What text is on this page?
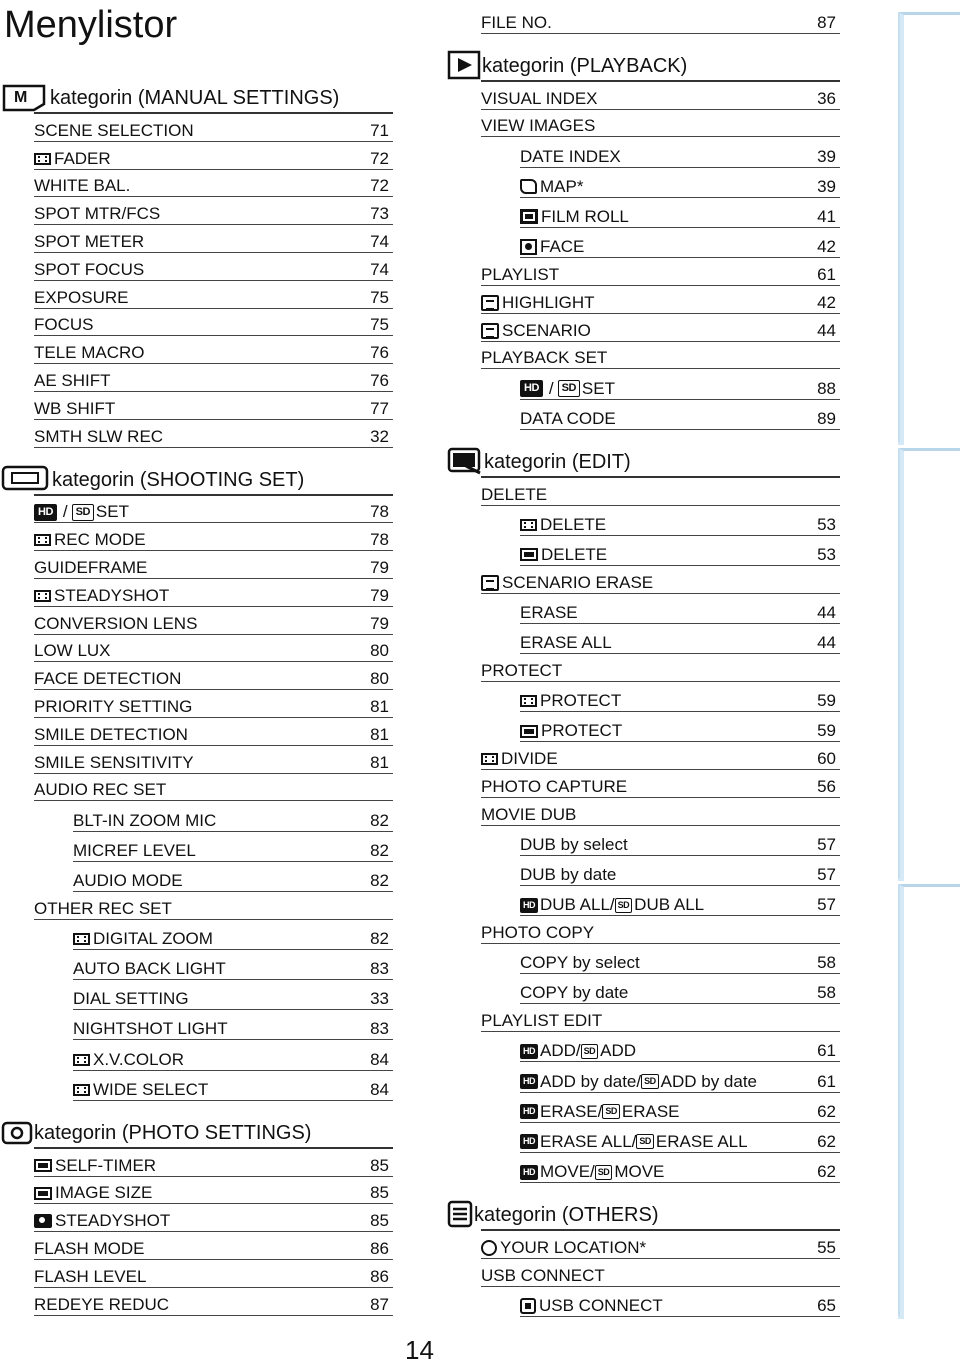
Menylistor
M kategorin (MANUAL SETTINGS)
SCENE SELECTION	71
FADER	72
WHITE BAL.	72
SPOT MTR/FCS	73
SPOT METER	74
SPOT FOCUS	74
EXPOSURE	75
FOCUS	75
TELE MACRO	76
AE SHIFT	76
WB SHIFT	77
SMTH SLW REC	32
kategorin (SHOOTING SET)
HD / SD SET	78
REC MODE	78
GUIDEFRAME	79
STEADYSHOT	79
CONVERSION LENS	79
LOW LUX	80
FACE DETECTION	80
PRIORITY SETTING	81
SMILE DETECTION	81
SMILE SENSITIVITY	81
AUDIO REC SET
BLT-IN ZOOM MIC	82
MICREF LEVEL	82
AUDIO MODE	82
OTHER REC SET
DIGITAL ZOOM	82
AUTO BACK LIGHT	83
DIAL SETTING	33
NIGHTSHOT LIGHT	83
X.V.COLOR	84
WIDE SELECT	84
kategorin (PHOTO SETTINGS)
SELF-TIMER	85
IMAGE SIZE	85
STEADYSHOT	85
FLASH MODE	86
FLASH LEVEL	86
REDEYE REDUC	87
FILE NO.	87
kategorin (PLAYBACK)
VISUAL INDEX	36
VIEW IMAGES
DATE INDEX	39
MAP*	39
FILM ROLL	41
FACE	42
PLAYLIST	61
HIGHLIGHT	42
SCENARIO	44
PLAYBACK SET
HD / SD SET	88
DATA CODE	89
kategorin (EDIT)
DELETE
DELETE	53
DELETE	53
SCENARIO ERASE
ERASE	44
ERASE ALL	44
PROTECT
PROTECT	59
PROTECT	59
DIVIDE	60
PHOTO CAPTURE	56
MOVIE DUB
DUB by select	57
DUB by date	57
HD DUB ALL/ SD DUB ALL	57
PHOTO COPY
COPY by select	58
COPY by date	58
PLAYLIST EDIT
HD ADD/ SD ADD	61
HD ADD by date/ SD ADD by date	61
HD ERASE/ SD ERASE	62
HD ERASE ALL/ SD ERASE ALL	62
HD MOVE/ SD MOVE	62
kategorin (OTHERS)
YOUR LOCATION*	55
USB CONNECT
USB CONNECT	65
14
